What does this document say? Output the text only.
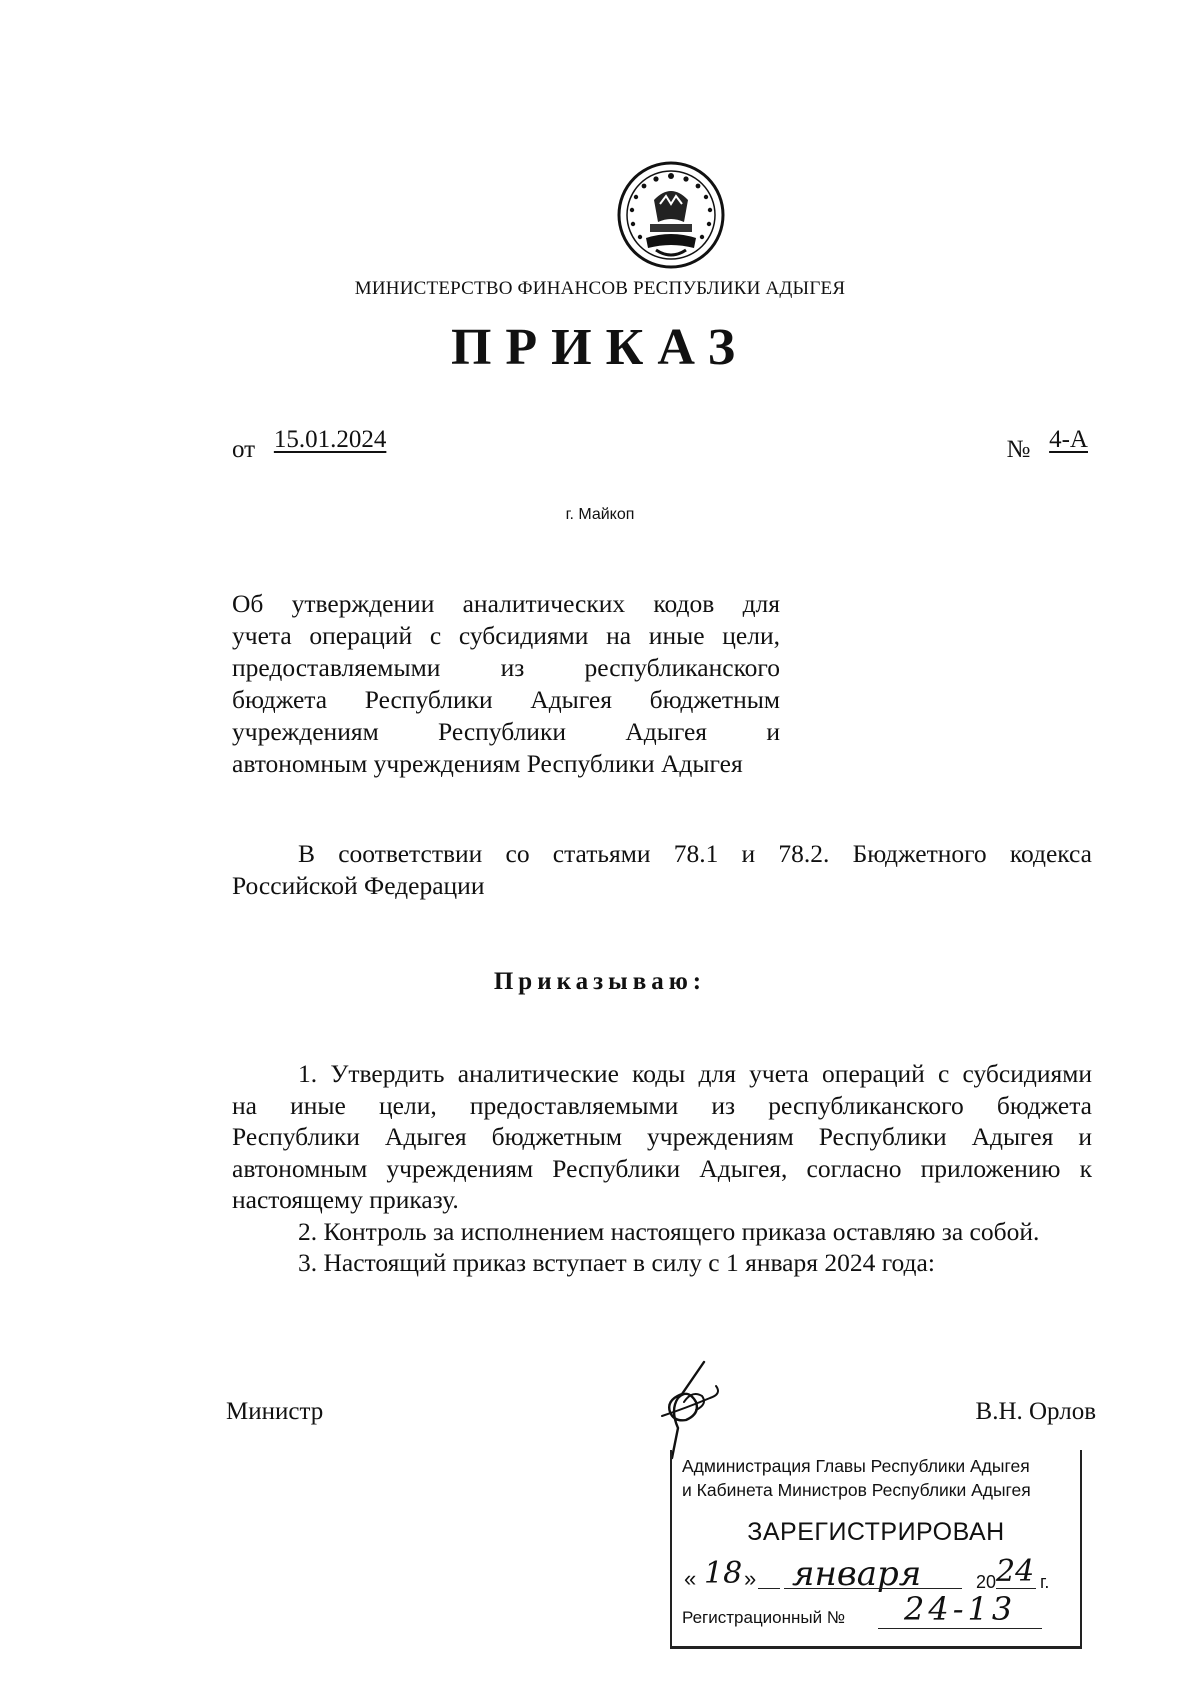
МИНИСТЕРСТВО ФИНАНСОВ РЕСПУБЛИКИ АДЫГЕЯ
ПРИКАЗ
от 15.01.2024	№ 4-А
г. Майкоп
Об утверждении аналитических кодов для
учета операций с субсидиями на иные цели,
предоставляемыми из республиканского
бюджета Республики Адыгея бюджетным
учреждениям Республики Адыгея и
автономным учреждениям Республики Адыгея
В соответствии со статьями 78.1 и 78.2. Бюджетного кодекса
Российской Федерации
Приказываю:
1. Утвердить аналитические коды для учета операций с субсидиями
на иные цели, предоставляемыми из республиканского бюджета
Республики Адыгея бюджетным учреждениям Республики Адыгея и
автономным учреждениям Республики Адыгея, согласно приложению к
настоящему приказу.
2. Контроль за исполнением настоящего приказа оставляю за собой.
3. Настоящий приказ вступает в силу с 1 января 2024 года:
Министр	В.Н. Орлов
Администрация Главы Республики Адыгея
и Кабинета Министров Республики Адыгея
ЗАРЕГИСТРИРОВАН
« 18 » января	20 24 г.
Регистрационный № 24-13
